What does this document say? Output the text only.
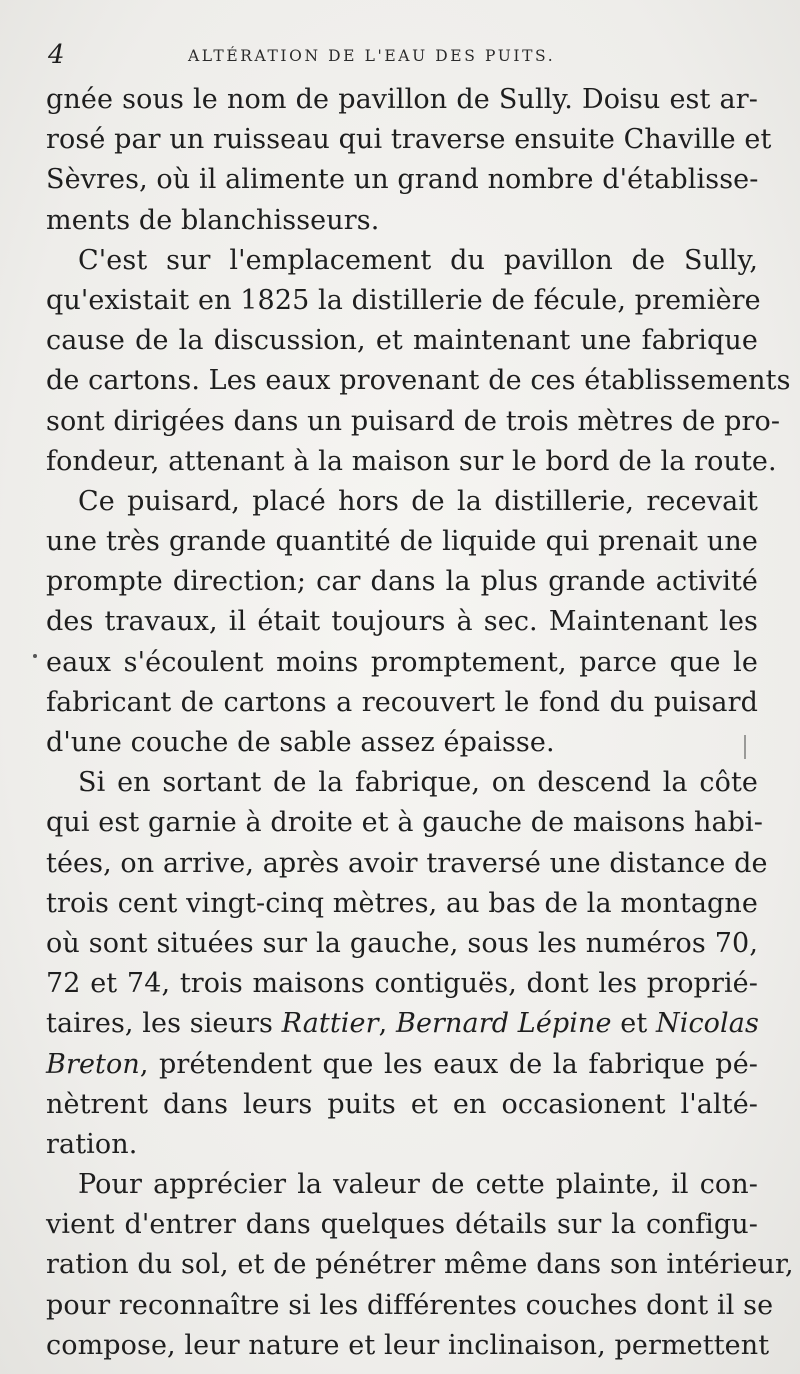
4	ALTÉRATION DE L'EAU DES PUITS.
gnée sous le nom de pavillon de Sully. Doisu est ar-
rosé par un ruisseau qui traverse ensuite Chaville et
Sèvres, où il alimente un grand nombre d'établisse-
ments de blanchisseurs.
C'est sur l'emplacement du pavillon de Sully,
qu'existait en 1825 la distillerie de fécule, première
cause de la discussion, et maintenant une fabrique
de cartons. Les eaux provenant de ces établissements
sont dirigées dans un puisard de trois mètres de pro-
fondeur, attenant à la maison sur le bord de la route.
Ce puisard, placé hors de la distillerie, recevait
une très grande quantité de liquide qui prenait une
prompte direction; car dans la plus grande activité
des travaux, il était toujours à sec. Maintenant les
eaux s'écoulent moins promptement, parce que le
fabricant de cartons a recouvert le fond du puisard
d'une couche de sable assez épaisse.
Si en sortant de la fabrique, on descend la côte
qui est garnie à droite et à gauche de maisons habi-
tées, on arrive, après avoir traversé une distance de
trois cent vingt-cinq mètres, au bas de la montagne
où sont situées sur la gauche, sous les numéros 70,
72 et 74, trois maisons contiguës, dont les proprié-
taires, les sieurs Rattier, Bernard Lépine et Nicolas
Breton, prétendent que les eaux de la fabrique pé-
nètrent dans leurs puits et en occasionent l'alté-
ration.
Pour apprécier la valeur de cette plainte, il con-
vient d'entrer dans quelques détails sur la configu-
ration du sol, et de pénétrer même dans son intérieur,
pour reconnaître si les différentes couches dont il se
compose, leur nature et leur inclinaison, permettent
